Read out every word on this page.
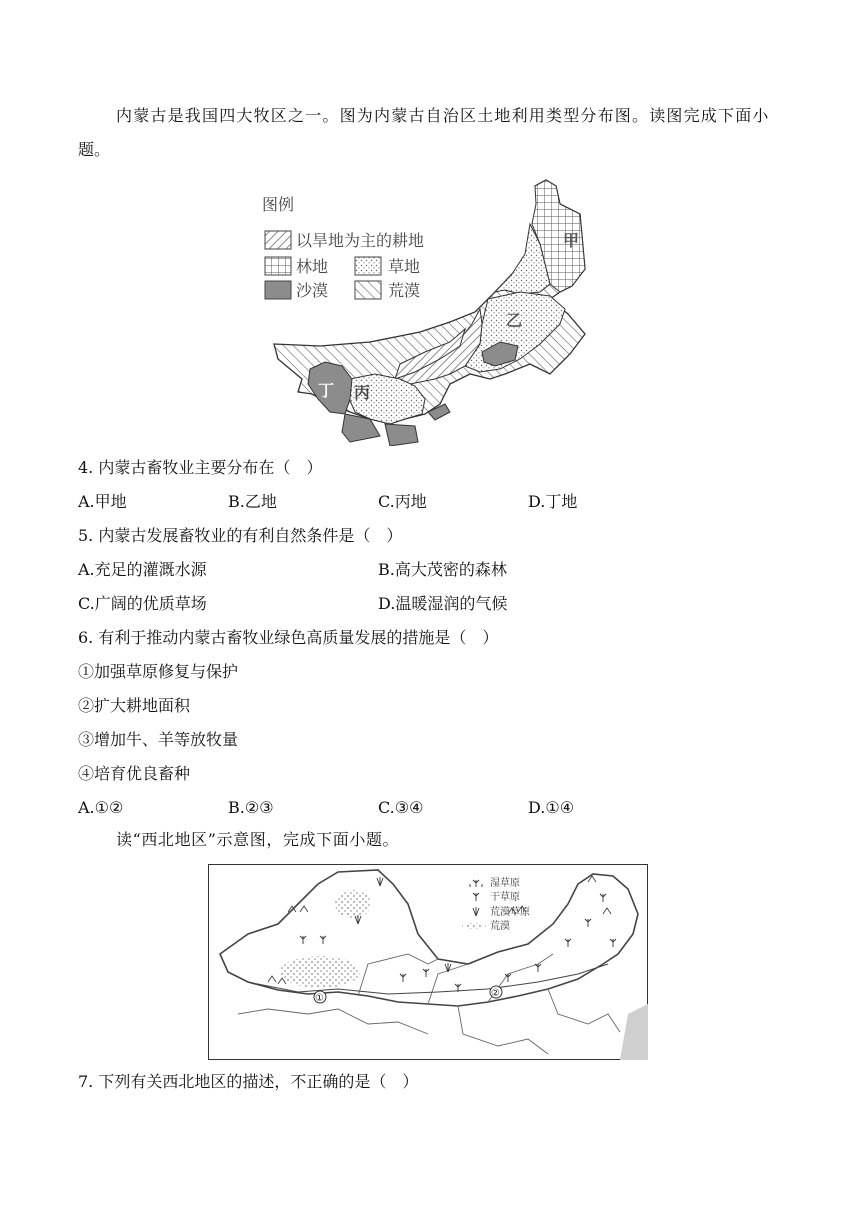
内蒙古是我国四大牧区之一。图为内蒙古自治区土地利用类型分布图。读图完成下面小
题。
图例
以旱地为主的耕地
林地	草地
沙漠	荒漠
甲
乙
丙
丁
4. 内蒙古畜牧业主要分布在（　）
A.甲地	B.乙地	C.丙地	D.丁地
5. 内蒙古发展畜牧业的有利自然条件是（　）
A.充足的灌溉水源	B.高大茂密的森林
C.广阔的优质草场	D.温暖湿润的气候
6. 有利于推动内蒙古畜牧业绿色高质量发展的措施是（　）
①加强草原修复与保护
②扩大耕地面积
③增加牛、羊等放牧量
④培育优良畜种
A.①②	B.②③	C.③④	D.①④
读“西北地区”示意图，完成下面小题。
①	②
湿草原
干草原
荒漠草原
荒漠
7. 下列有关西北地区的描述，不正确的是（　）
